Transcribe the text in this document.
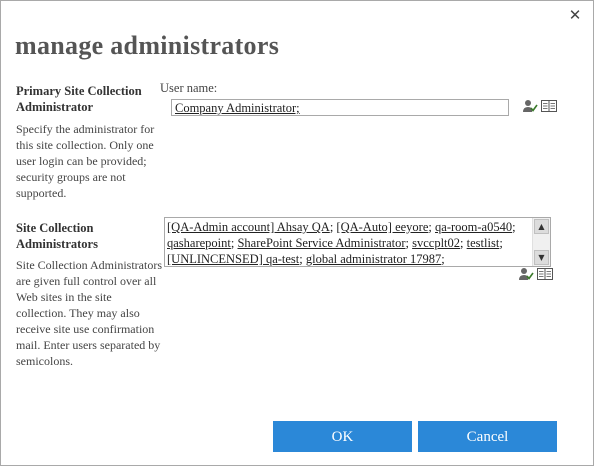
✕
manage administrators
Primary Site Collection Administrator
Specify the administrator for this site collection. Only one user login can be provided; security groups are not supported.
User name:
Company Administrator;
Site Collection Administrators
Site Collection Administrators are given full control over all Web sites in the site collection. They may also receive site use confirmation mail. Enter users separated by semicolons.
[QA-Admin account] Ahsay QA; [QA-Auto] eeyore; qa-room-a0540; qasharepoint; SharePoint Service Administrator; svccplt02; testlist; [UNLINCENSED] qa-test; global administrator 17987;
▲
▼
OK	Cancel
